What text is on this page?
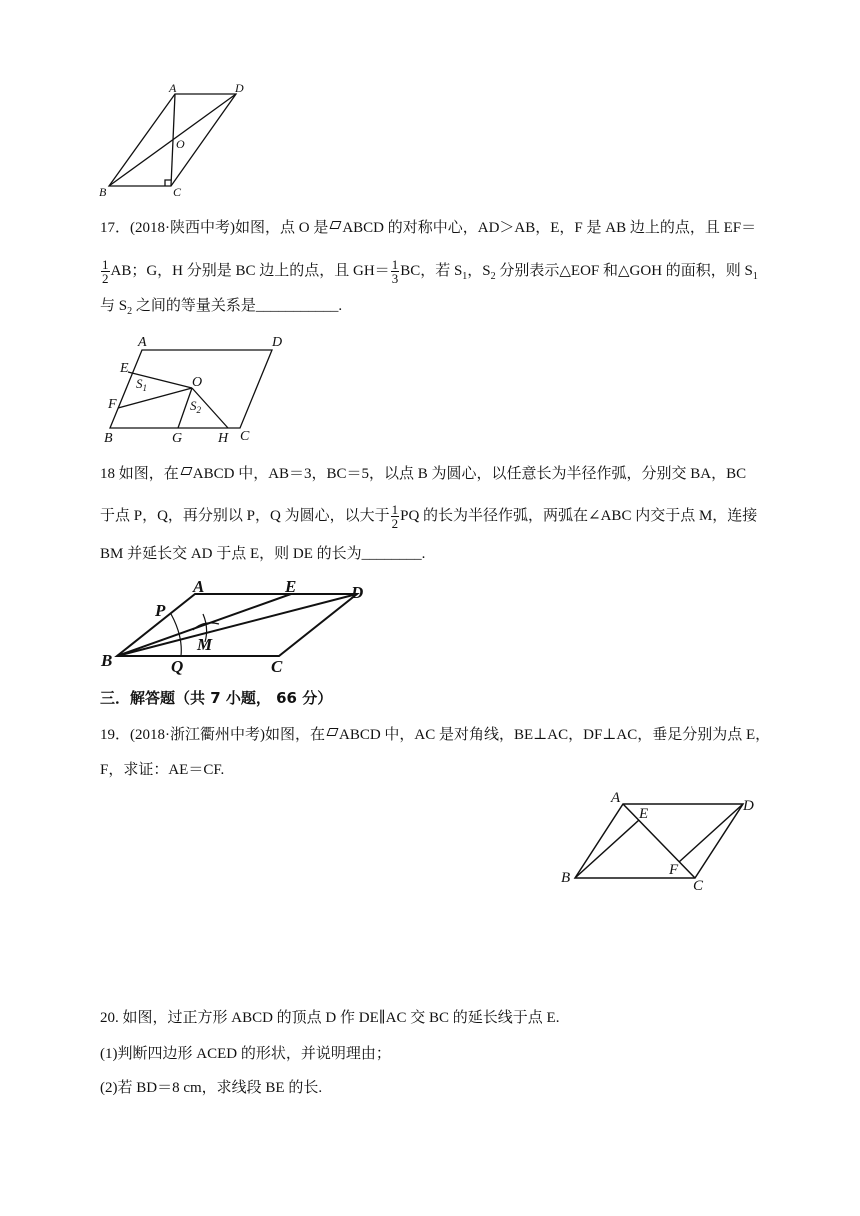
A	D
O
B	C
17．(2018·陕西中考)如图，点 O 是 ABCD 的对称中心，AD＞AB，E，F 是 AB 边上的点，且 EF＝
$\frac{1}{2}$ AB；G，H 分别是 BC 边上的点，且 $GH= \frac{1}{3}$ BC，若 $S_1$，$S_2$ 分别表示△EOF 和△GOH 的面积，则 $S_1$
与 $S_2$ 之间的等量关系是___________.
A	D
E
$S_1$	O
F	$S_2$
B	G	H C
18 如图，在 ABCD 中，AB＝3，BC＝5，以点 B 为圆心，以任意长为半径作弧，分别交 BA，BC
于点 P，Q，再分别以 P，Q 为圆心，以大于 $\frac{1}{2}$ PQ 的长为半径作弧，两弧在∠ABC 内交于点 M，连接
BM 并延长交 AD 于点 E，则 DE 的长为________.
A	E	D
P
M
B	Q	C
三．解答题（共 7 小题， 66 分）
19．(2018·浙江衢州中考)如图，在 ABCD 中，AC 是对角线，BE⊥AC，DF⊥AC，垂足分别为点 E，
F，求证：AE＝CF.
A
E	D
B	F
C
20. 如图，过正方形 ABCD 的顶点 D 作 DE∥AC 交 BC 的延长线于点 E.
(1)判断四边形 ACED 的形状，并说明理由；
(2)若 BD＝8 cm，求线段 BE 的长.
